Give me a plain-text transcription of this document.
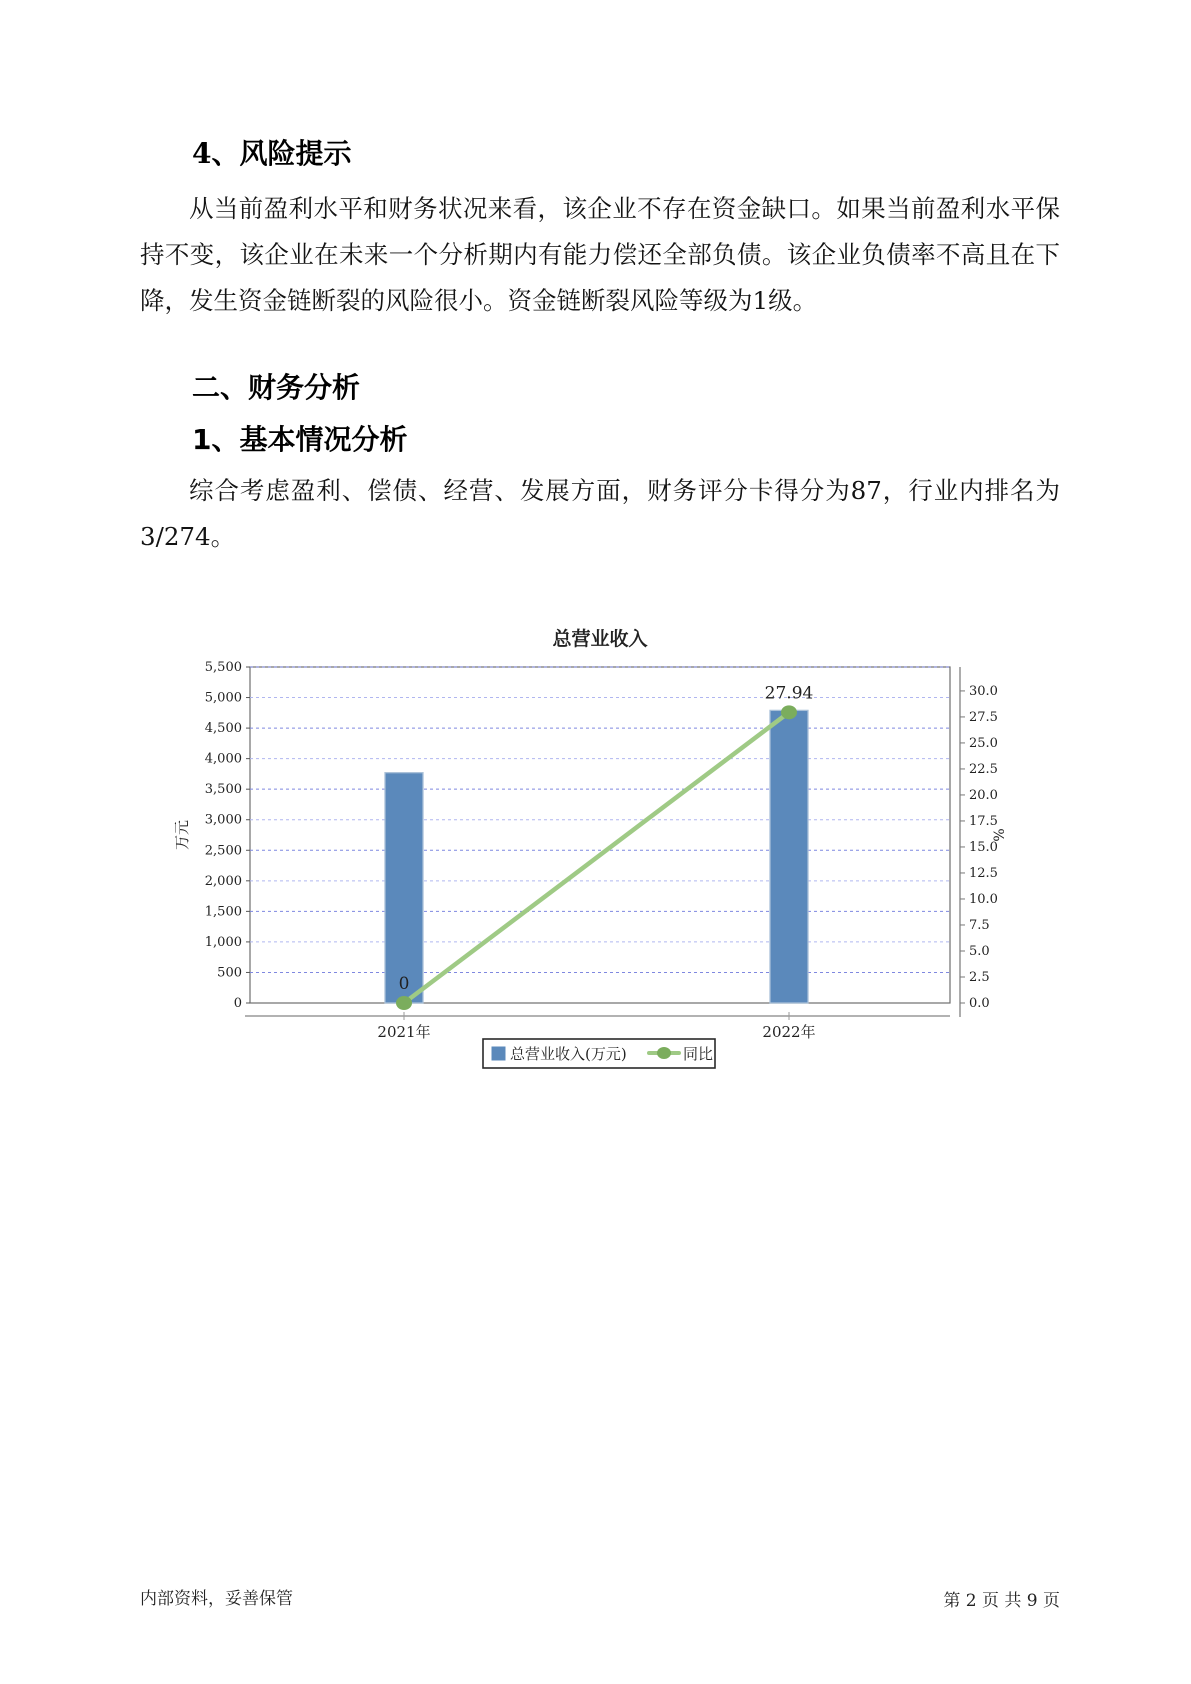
4、风险提示
从当前盈利水平和财务状况来看，该企业不存在资金缺口。如果当前盈利水平保持不变，该企业在未来一个分析期内有能力偿还全部负债。该企业负债率不高且在下降，发生资金链断裂的风险很小。资金链断裂风险等级为1级。
二、财务分析
1、基本情况分析
综合考虑盈利、偿债、经营、发展方面，财务评分卡得分为87，行业内排名为3/274。
总营业收入
0
500
1,000
1,500
2,000
2,500
3,000
3,500
4,000
4,500
5,000
5,500
万元
0.0
2.5
5.0
7.5
10.0
12.5
15.0
17.5
20.0
22.5
25.0
27.5
30.0
%
0
27.94
2021年	2022年
总营业收入(万元)	同比
内部资料，妥善保管	第 2 页 共 9 页
